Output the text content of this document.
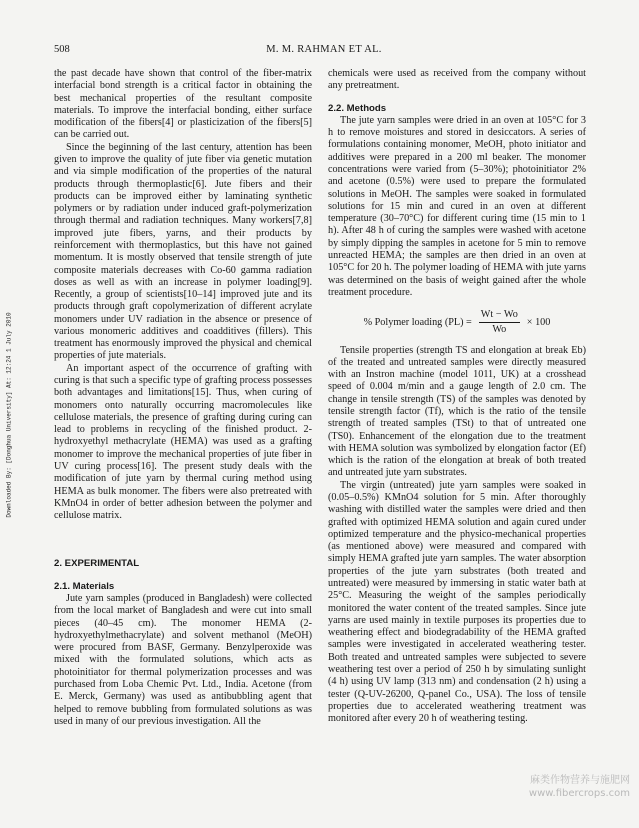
508	M. M. RAHMAN ET AL.
Downloaded By: [Donghua University] At: 12:24 1 July 2010

the past decade have shown that control of the fiber-matrix interfacial bond strength is a critical factor in obtaining the best mechanical properties of the resultant composite materials. To improve the interfacial bonding, either surface modification of the fibers[4] or plasticization of the fibers[5] can be carried out.

Since the beginning of the last century, attention has been given to improve the quality of jute fiber via genetic mutation and via simple modification of the properties of the natural products through thermoplastic[6]. Jute fibers and their products can be improved either by laminating synthetic polymers or by radiation under induced graft-polymerization through thermal and radiation techniques. Many workers[7,8] improved jute fibers, yarns, and their products by reinforcement with thermoplastics, but this have not gained momentum. It is mostly observed that tensile strength of jute composite materials decreases with Co-60 gamma radiation doses as well as with an increase in polymer loading[9]. Recently, a group of scientists[10–14] improved jute and its products through graft copolymerization of different acrylate monomers under UV radiation in the absence or presence of various monomeric additives and coadditives (fillers). This treatment has enormously improved the physical and chemical properties of jute materials.

An important aspect of the occurrence of grafting with curing is that such a specific type of grafting process possesses both advantages and limitations[15]. Thus, when curing of monomers onto naturally occurring macromolecules like cellulose materials, the presence of grafting during curing can lead to problems in recycling of the finished product. 2-hydroxyethyl methacrylate (HEMA) was used as a grafting monomer to improve the mechanical properties of jute fiber in UV curing process[16]. The present study deals with the modification of jute yarn by thermal curing method using HEMA as bulk monomer. The fibers were also pretreated with KMnO4 in order of better adhesion between the polymer and cellulose matrix.

2. EXPERIMENTAL

2.1. Materials

Jute yarn samples (produced in Bangladesh) were collected from the local market of Bangladesh and were cut into small pieces (40–45 cm). The monomer HEMA (2-hydroxyethylmethacrylate) and solvent methanol (MeOH) were procured from BASF, Germany. Benzylperoxide was mixed with the formulated solutions, which acts as photoinitiator for thermal polymerization processes and was purchased from Loba Chemic Pvt. Ltd., India. Acetone (from E. Merck, Germany) was used as antibubbling agent that helped to remove bubbling from formulated solutions as was used in many of our previous investigation. All the

chemicals were used as received from the company without any pretreatment.

2.2. Methods

The jute yarn samples were dried in an oven at 105°C for 3 h to remove moistures and stored in desiccators. A series of formulations containing monomer, MeOH, photo initiator and additives were prepared in a 200 ml beaker. The monomer concentrations were varied from (5–30%); photoinitiator 2% and acetone (0.5%) were used to prepare the formulated solutions in MeOH. The samples were soaked in formulated solutions for 15 min and cured in an oven at different temperature (30–70°C) for different curing time (15 min to 1 h). After 48 h of curing the samples were washed with acetone by simply dipping the samples in acetone for 5 min to remove unreacted HEMA; the samples are then dried in an oven at 105°C for 20 h. The polymer loading of HEMA with jute yarns was determined on the basis of weight gained after the whole treatment procedure.

% Polymer loading $(PL) = \frac{Wt - Wo}{Wo} \times 100$

Tensile properties (strength TS and elongation at break Eb) of the treated and untreated samples were directly measured with an Instron machine (model 1011, UK) at a crosshead speed of 0.004 m/min and a gauge length of 2.0 cm. The change in tensile strength (TS) of the samples was denoted by tensile strength factor (Tf), which is the ratio of the tensile strength of treated samples (TSt) to that of untreated one (TS0). Enhancement of the elongation due to the treatment with HEMA solution was symbolized by elongation factor (Ef) which is the ration of the elongation at break of both treated and untreated jute yarn substrates.

The virgin (untreated) jute yarn samples were soaked in (0.05–0.5%) KMnO4 solution for 5 min. After thoroughly washing with distilled water the samples were dried and then grafted with optimized HEMA solution and again cured under optimized temperature and the physico-mechanical properties (as mentioned above) were measured and compared with simply HEMA grafted jute yarn samples. The water absorption properties of the jute yarn substrates (both treated and untreated) were measured by immersing in static water bath at 25°C. Measuring the weight of the samples periodically monitored the water content of the treated samples. Since jute yarns are used mainly in textile purposes its properties due to weathering effect and biodegradability of the HEMA grafted samples were investigated in accelerated weathering tester. Both treated and untreated samples were subjected to severe weathering test over a period of 250 h by simulating sunlight (4 h) using UV lamp (313 nm) and condensation (2 h) using a tester (Q-UV-26200, Q-panel Co., USA). The loss of tensile properties due to accelerated weathering treatment was monitored after every 20 h of weathering testing.

麻类作物营养与施肥网
www.fibercrops.com
